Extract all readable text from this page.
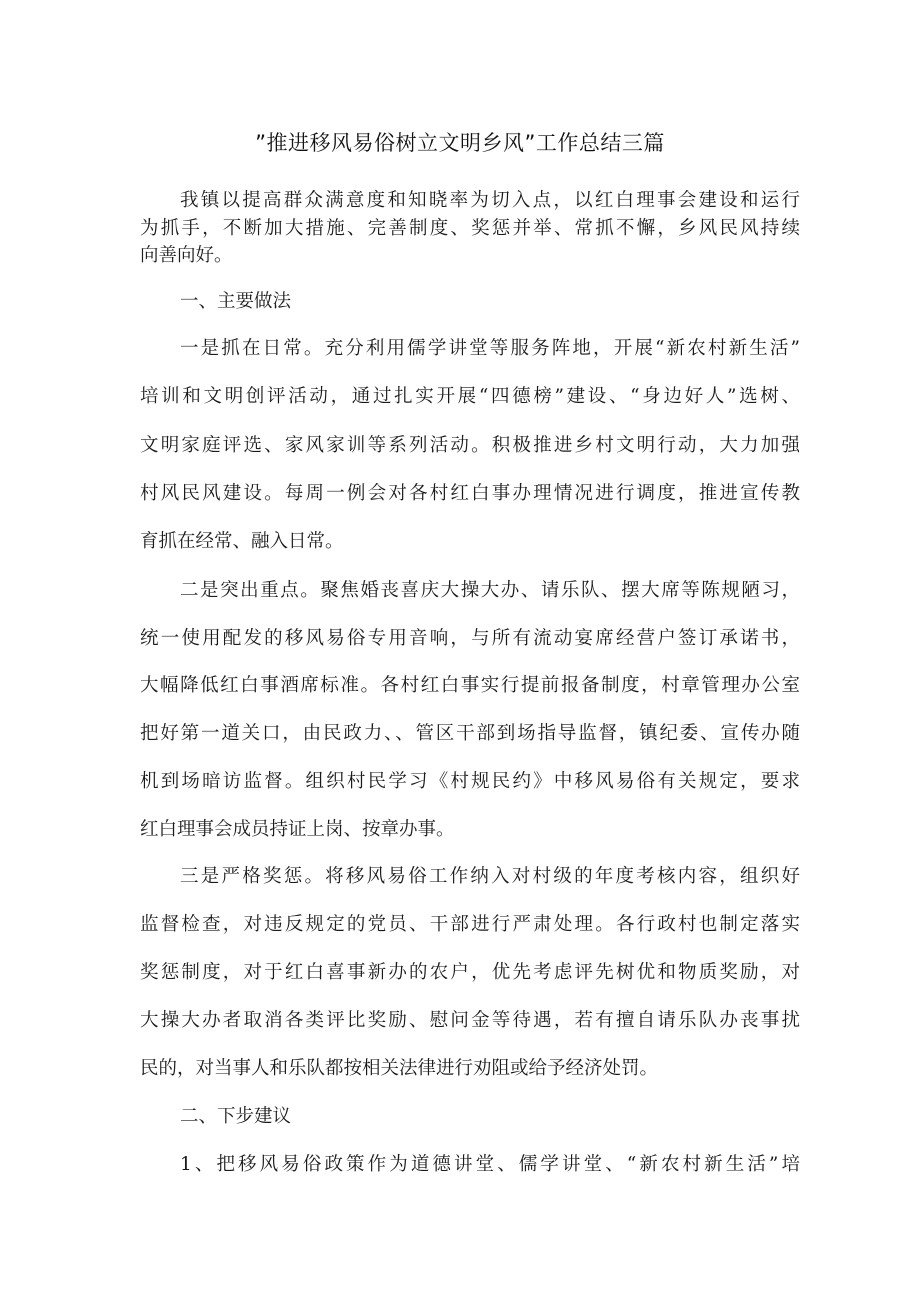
”推进移风易俗树立文明乡风”工作总结三篇
我镇以提高群众满意度和知晓率为切入点，以红白理事会建设和运行
为抓手，不断加大措施、完善制度、奖惩并举、常抓不懈，乡风民风持续
向善向好。
一、主要做法
一是抓在日常。充分利用儒学讲堂等服务阵地，开展“新农村新生活”
培训和文明创评活动，通过扎实开展“四德榜”建设、“身边好人”选树、
文明家庭评选、家风家训等系列活动。积极推进乡村文明行动，大力加强
村风民风建设。每周一例会对各村红白事办理情况进行调度，推进宣传教
育抓在经常、融入日常。
二是突出重点。聚焦婚丧喜庆大操大办、请乐队、摆大席等陈规陋习，
统一使用配发的移风易俗专用音响，与所有流动宴席经营户签订承诺书，
大幅降低红白事酒席标准。各村红白事实行提前报备制度，村章管理办公室
把好第一道关口，由民政力、、管区干部到场指导监督，镇纪委、宣传办随
机到场暗访监督。组织村民学习《村规民约》中移风易俗有关规定，要求
红白理事会成员持证上岗、按章办事。
三是严格奖惩。将移风易俗工作纳入对村级的年度考核内容，组织好
监督检查，对违反规定的党员、干部进行严肃处理。各行政村也制定落实
奖惩制度，对于红白喜事新办的农户，优先考虑评先树优和物质奖励，对
大操大办者取消各类评比奖励、慰问金等待遇，若有擅自请乐队办丧事扰
民的，对当事人和乐队都按相关法律进行劝阻或给予经济处罚。
二、下步建议
1、把移风易俗政策作为道德讲堂、儒学讲堂、“新农村新生活”培
